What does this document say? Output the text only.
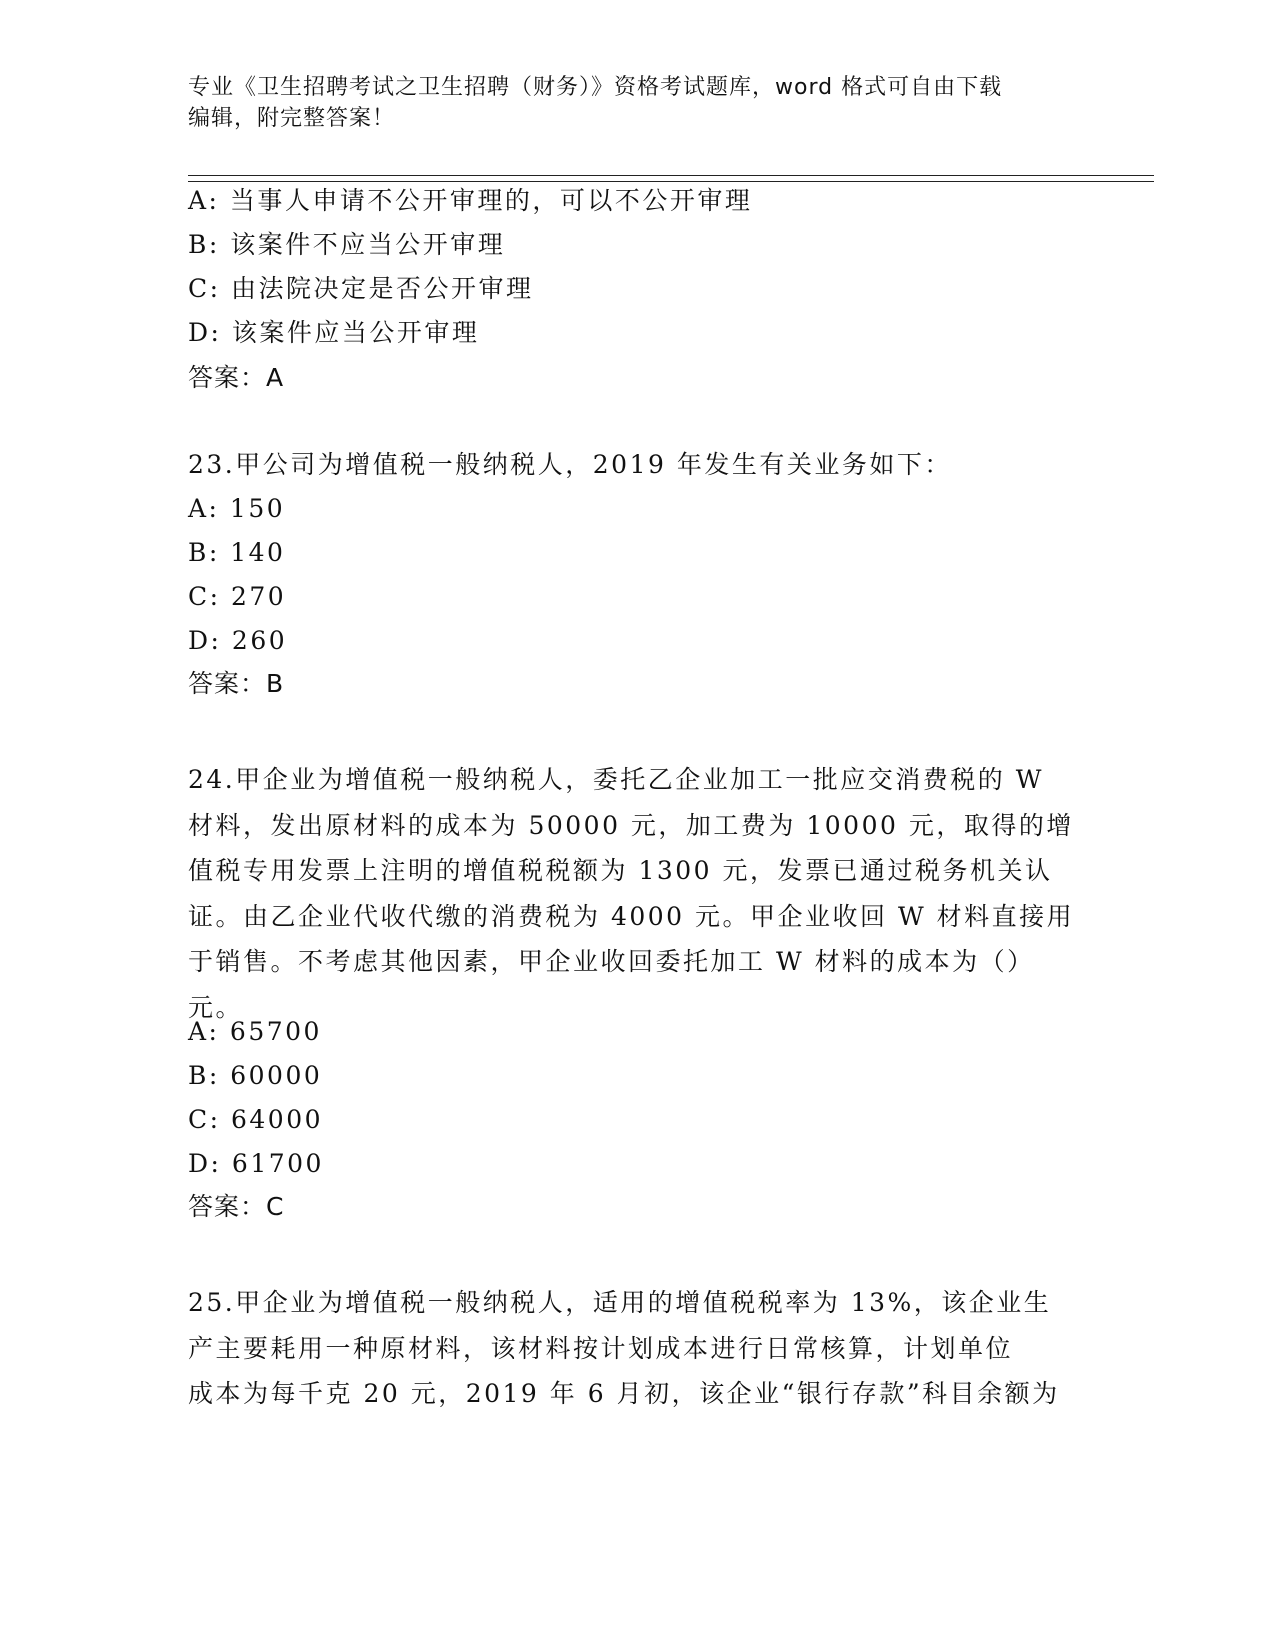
专业《卫生招聘考试之卫生招聘（财务）》资格考试题库，word 格式可自由下载
编辑，附完整答案！
A: 当事人申请不公开审理的，可以不公开审理
B: 该案件不应当公开审理
C: 由法院决定是否公开审理
D: 该案件应当公开审理
答案：A
23.甲公司为增值税一般纳税人，2019 年发生有关业务如下：
A: 150
B: 140
C: 270
D: 260
答案：B
24.甲企业为增值税一般纳税人，委托乙企业加工一批应交消费税的 W
材料，发出原材料的成本为 50000 元，加工费为 10000 元，取得的增
值税专用发票上注明的增值税税额为 1300 元，发票已通过税务机关认
证。由乙企业代收代缴的消费税为 4000 元。甲企业收回 W 材料直接用
于销售。不考虑其他因素，甲企业收回委托加工 W 材料的成本为（）
元。
A: 65700
B: 60000
C: 64000
D: 61700
答案：C
25.甲企业为增值税一般纳税人，适用的增值税税率为 13%，该企业生
产主要耗用一种原材料，该材料按计划成本进行日常核算，计划单位
成本为每千克 20 元，2019 年 6 月初，该企业“银行存款”科目余额为
